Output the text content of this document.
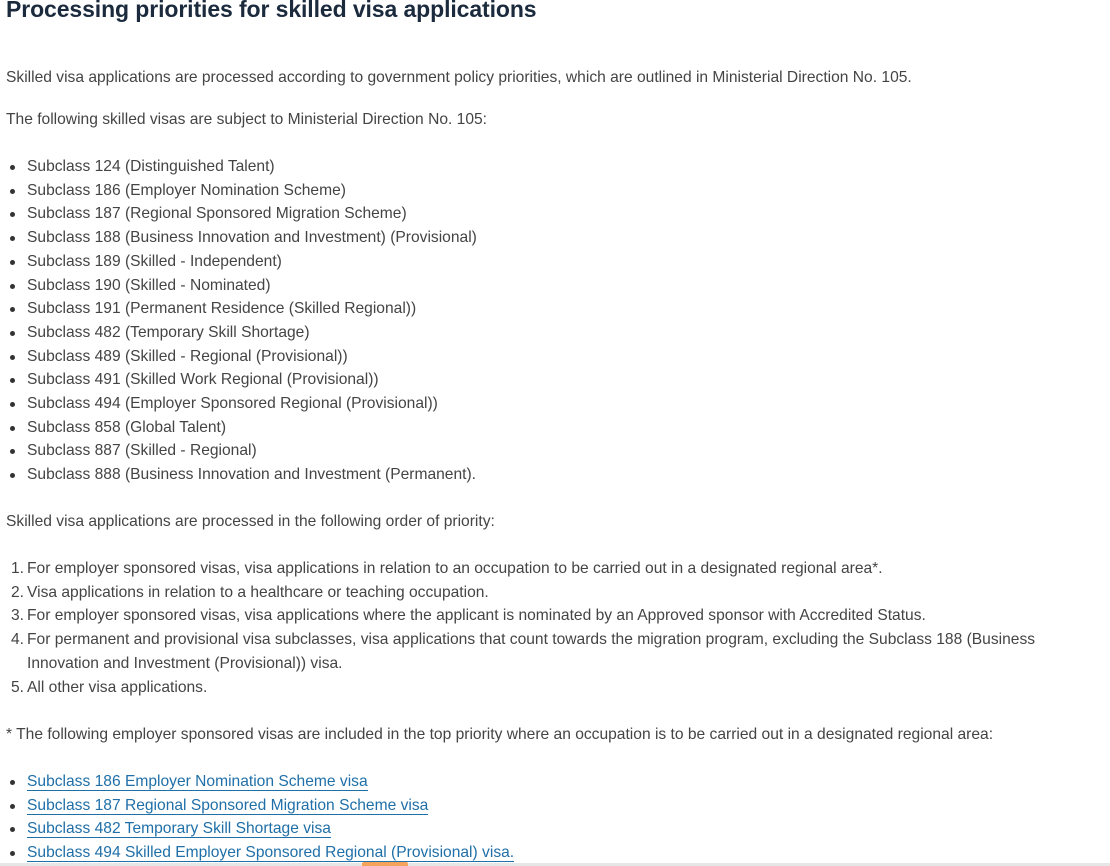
Processing priorities for skilled visa applications

Skilled visa applications are processed according to government policy priorities, which are outlined in Ministerial Direction No. 105.

The following skilled visas are subject to Ministerial Direction No. 105:

Subclass 124 (Distinguished Talent)
Subclass 186 (Employer Nomination Scheme)
Subclass 187 (Regional Sponsored Migration Scheme)
Subclass 188 (Business Innovation and Investment) (Provisional)
Subclass 189 (Skilled - Independent)
Subclass 190 (Skilled - Nominated)
Subclass 191 (Permanent Residence (Skilled Regional))
Subclass 482 (Temporary Skill Shortage)
Subclass 489 (Skilled - Regional (Provisional))
Subclass 491 (Skilled Work Regional (Provisional))
Subclass 494 (Employer Sponsored Regional (Provisional))
Subclass 858 (Global Talent)
Subclass 887 (Skilled - Regional)
Subclass 888 (Business Innovation and Investment (Permanent).

Skilled visa applications are processed in the following order of priority:

1. For employer sponsored visas, visa applications in relation to an occupation to be carried out in a designated regional area*.
2. Visa applications in relation to a healthcare or teaching occupation.
3. For employer sponsored visas, visa applications where the applicant is nominated by an Approved sponsor with Accredited Status.
4. For permanent and provisional visa subclasses, visa applications that count towards the migration program, excluding the Subclass 188 (Business Innovation and Investment (Provisional)) visa.
5. All other visa applications.

* The following employer sponsored visas are included in the top priority where an occupation is to be carried out in a designated regional area:

Subclass 186 Employer Nomination Scheme visa
Subclass 187 Regional Sponsored Migration Scheme visa
Subclass 482 Temporary Skill Shortage visa
Subclass 494 Skilled Employer Sponsored Regional (Provisional) visa.
